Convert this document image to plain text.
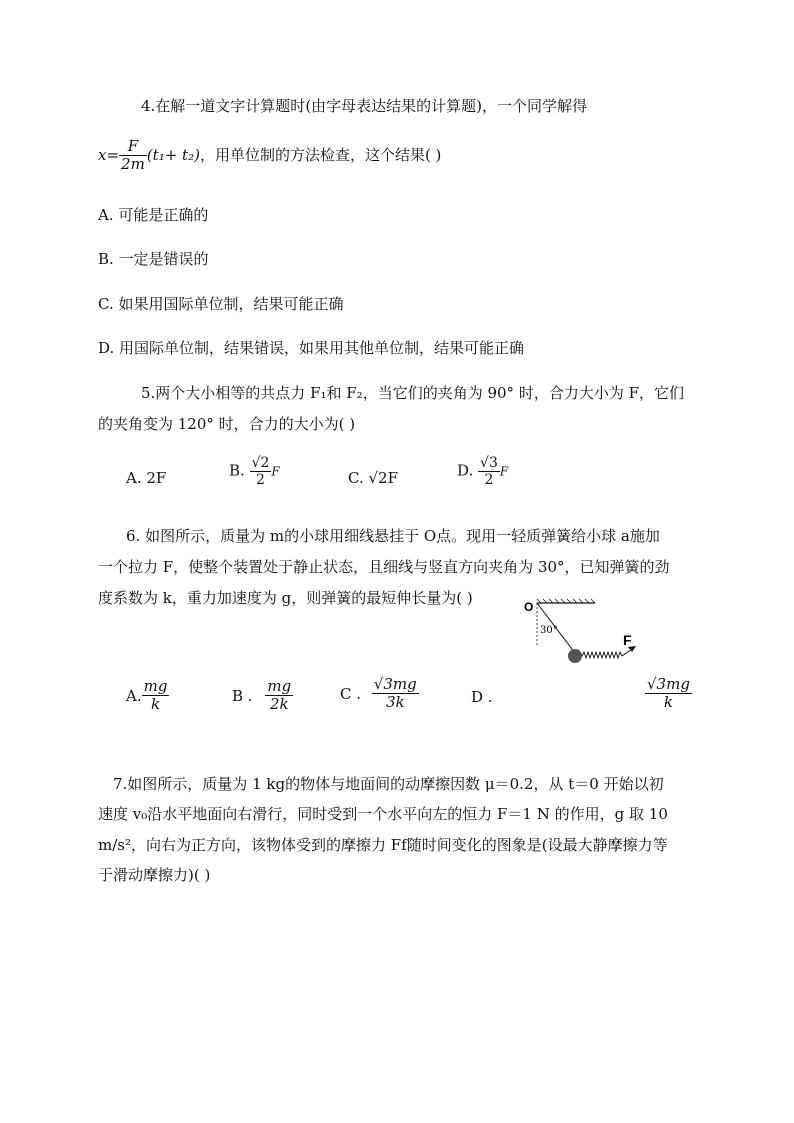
4.在解一道文字计算题时(由字母表达结果的计算题)，一个同学解得
$x= \frac{F}{2m} (t_1+ t_2)$，用单位制的方法检查，这个结果( )
A. 可能是正确的
B. 一定是错误的
C. 如果用国际单位制，结果可能正确
D. 用国际单位制，结果错误，如果用其他单位制，结果可能正确
5.两个大小相等的共点力 F₁和 F₂，当它们的夹角为 90° 时，合力大小为 F，它们
的夹角变为 120° 时，合力的大小为( )
A. 2F	B. $\frac{√2}{2}$ F	C. √2F	D. $\frac{√3}{2}$ F
6. 如图所示，质量为 m的小球用细线悬挂于 O点。现用一轻质弹簧给小球 a施加
一个拉力 F，使整个装置处于静止状态，且细线与竖直方向夹角为 30°，已知弹簧的劲
度系数为 k，重力加速度为 g，则弹簧的最短伸长量为( )	O
30°
F
A. $\frac{mg}{k}$	B . $\frac{mg}{2k}$	C . $\frac{√3mg}{3k}$	D .	$\frac{√3mg}{k}$
7.如图所示，质量为 1 kg的物体与地面间的动摩擦因数 μ＝0.2，从 t＝0 开始以初
速度 v₀沿水平地面向右滑行，同时受到一个水平向左的恒力 F＝1 N 的作用，g 取 10
m/s²，向右为正方向，该物体受到的摩擦力 Ff随时间变化的图象是(设最大静摩擦力等
于滑动摩擦力)( )
